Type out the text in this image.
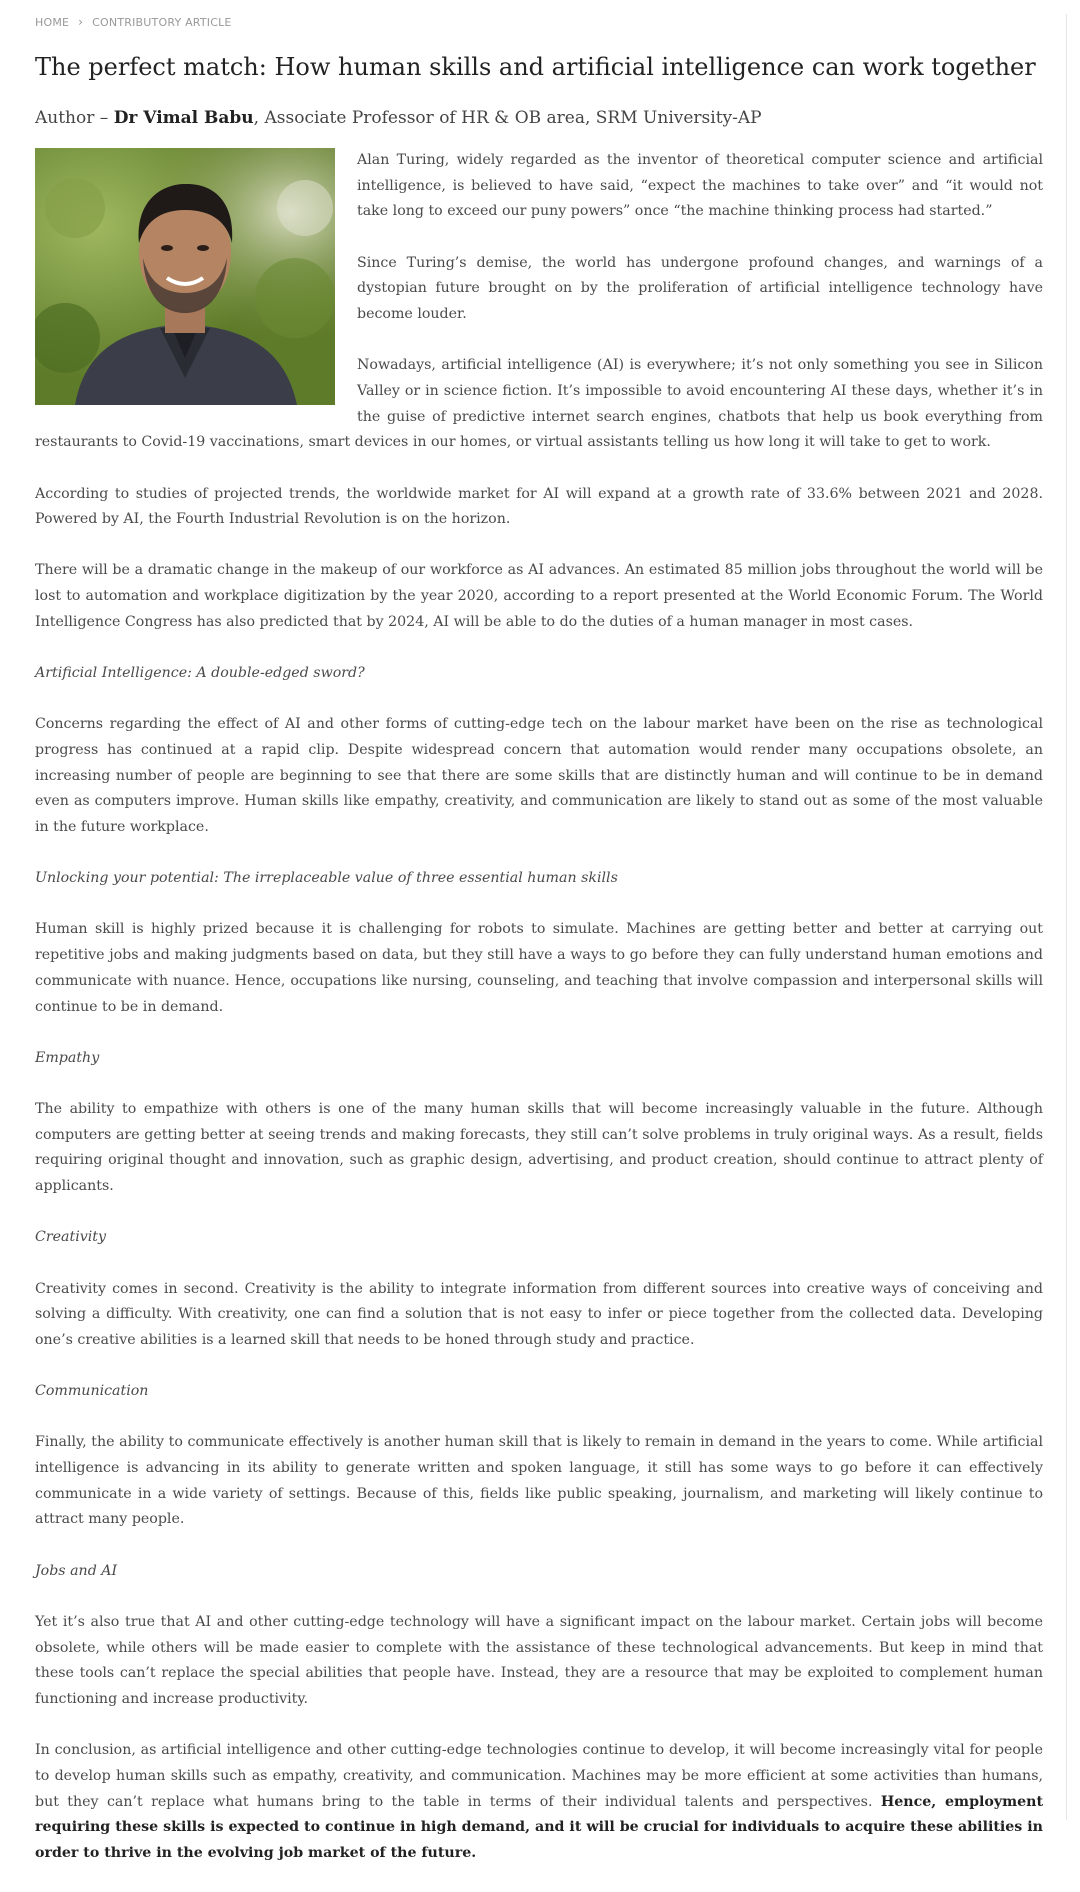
HOME › CONTRIBUTORY ARTICLE
The perfect match: How human skills and artificial intelligence can work together
Author – Dr Vimal Babu, Associate Professor of HR & OB area, SRM University-AP

Alan Turing, widely regarded as the inventor of theoretical computer science and artificial intelligence, is believed to have said, “expect the machines to take over” and “it would not take long to exceed our puny powers” once “the machine thinking process had started.”

Since Turing’s demise, the world has undergone profound changes, and warnings of a dystopian future brought on by the proliferation of artificial intelligence technology have become louder.

Nowadays, artificial intelligence (AI) is everywhere; it’s not only something you see in Silicon Valley or in science fiction. It’s impossible to avoid encountering AI these days, whether it’s in the guise of predictive internet search engines, chatbots that help us book everything from restaurants to Covid-19 vaccinations, smart devices in our homes, or virtual assistants telling us how long it will take to get to work.

According to studies of projected trends, the worldwide market for AI will expand at a growth rate of 33.6% between 2021 and 2028. Powered by AI, the Fourth Industrial Revolution is on the horizon.

There will be a dramatic change in the makeup of our workforce as AI advances. An estimated 85 million jobs throughout the world will be lost to automation and workplace digitization by the year 2020, according to a report presented at the World Economic Forum. The World Intelligence Congress has also predicted that by 2024, AI will be able to do the duties of a human manager in most cases.

Artificial Intelligence: A double-edged sword?

Concerns regarding the effect of AI and other forms of cutting-edge tech on the labour market have been on the rise as technological progress has continued at a rapid clip. Despite widespread concern that automation would render many occupations obsolete, an increasing number of people are beginning to see that there are some skills that are distinctly human and will continue to be in demand even as computers improve. Human skills like empathy, creativity, and communication are likely to stand out as some of the most valuable in the future workplace.

Unlocking your potential: The irreplaceable value of three essential human skills

Human skill is highly prized because it is challenging for robots to simulate. Machines are getting better and better at carrying out repetitive jobs and making judgments based on data, but they still have a ways to go before they can fully understand human emotions and communicate with nuance. Hence, occupations like nursing, counseling, and teaching that involve compassion and interpersonal skills will continue to be in demand.

Empathy

The ability to empathize with others is one of the many human skills that will become increasingly valuable in the future. Although computers are getting better at seeing trends and making forecasts, they still can’t solve problems in truly original ways. As a result, fields requiring original thought and innovation, such as graphic design, advertising, and product creation, should continue to attract plenty of applicants.

Creativity

Creativity comes in second. Creativity is the ability to integrate information from different sources into creative ways of conceiving and solving a difficulty. With creativity, one can find a solution that is not easy to infer or piece together from the collected data. Developing one’s creative abilities is a learned skill that needs to be honed through study and practice.

Communication

Finally, the ability to communicate effectively is another human skill that is likely to remain in demand in the years to come. While artificial intelligence is advancing in its ability to generate written and spoken language, it still has some ways to go before it can effectively communicate in a wide variety of settings. Because of this, fields like public speaking, journalism, and marketing will likely continue to attract many people.

Jobs and AI

Yet it’s also true that AI and other cutting-edge technology will have a significant impact on the labour market. Certain jobs will become obsolete, while others will be made easier to complete with the assistance of these technological advancements. But keep in mind that these tools can’t replace the special abilities that people have. Instead, they are a resource that may be exploited to complement human functioning and increase productivity.

In conclusion, as artificial intelligence and other cutting-edge technologies continue to develop, it will become increasingly vital for people to develop human skills such as empathy, creativity, and communication. Machines may be more efficient at some activities than humans, but they can’t replace what humans bring to the table in terms of their individual talents and perspectives. Hence, employment requiring these skills is expected to continue in high demand, and it will be crucial for individuals to acquire these abilities in order to thrive in the evolving job market of the future.
